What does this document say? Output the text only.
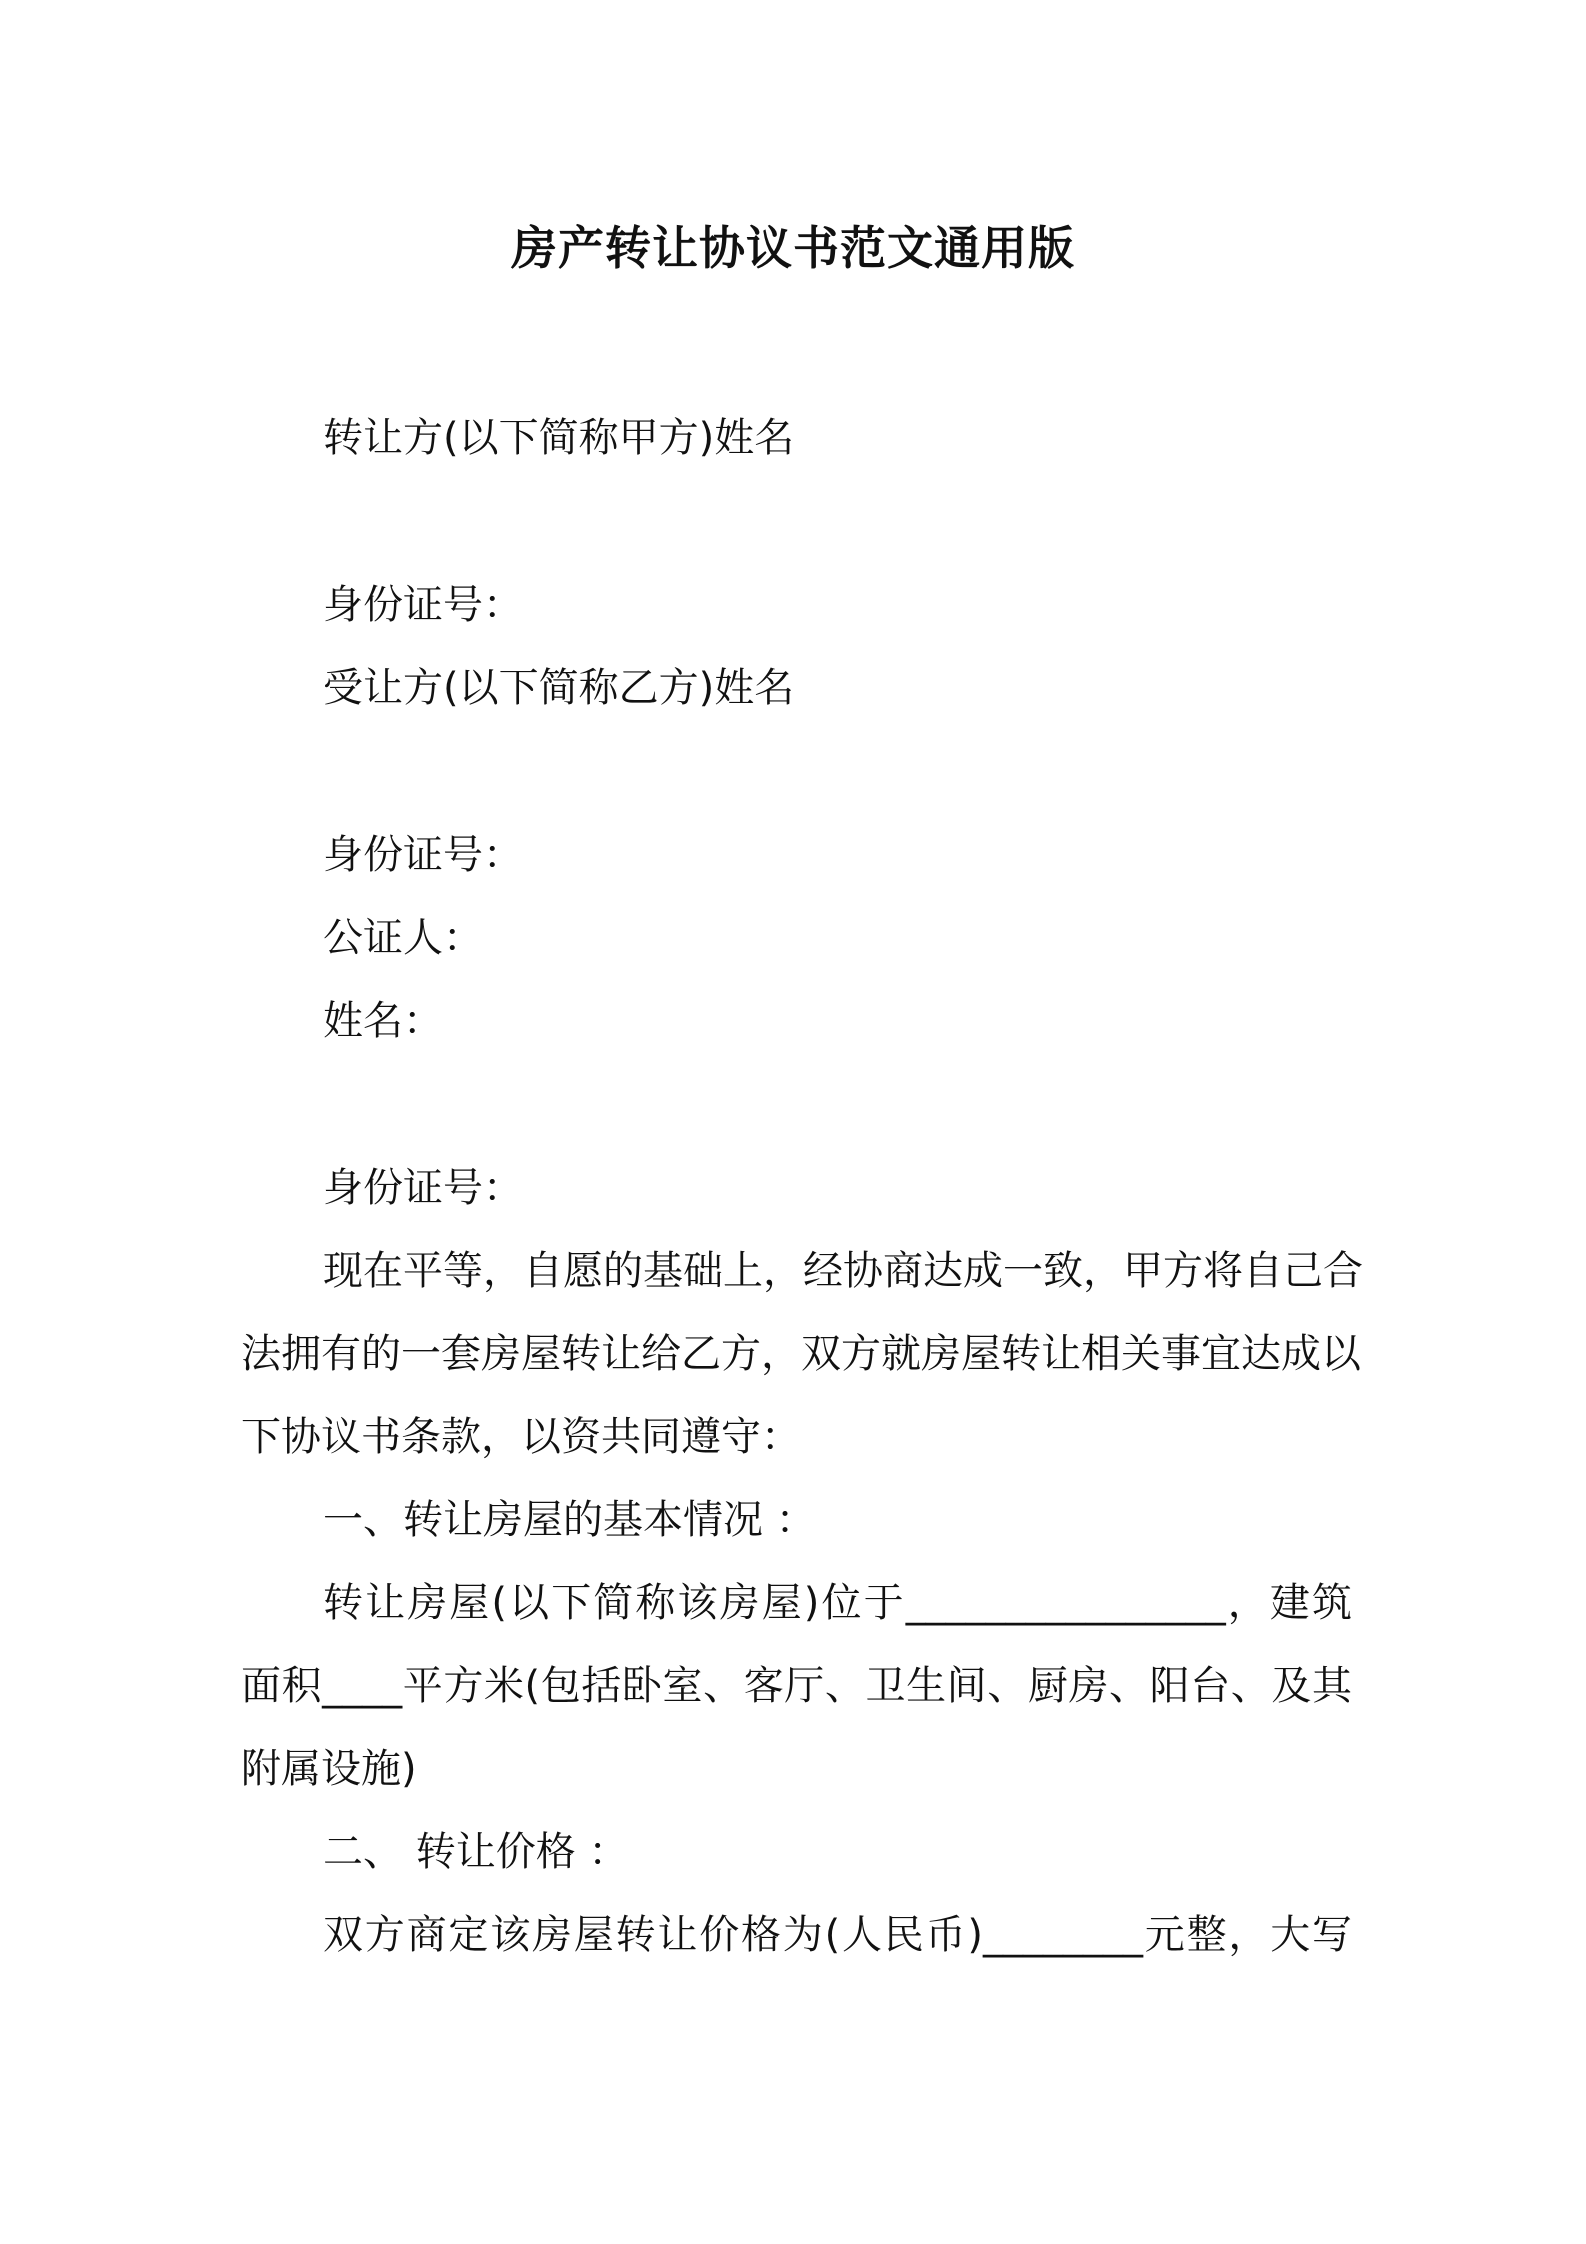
房产转让协议书范文通用版
转让方(以下简称甲方)姓名
身份证号：
受让方(以下简称乙方)姓名
身份证号：
公证人：
姓名：
身份证号：
现在平等，自愿的基础上，经协商达成一致，甲方将自己合
法拥有的一套房屋转让给乙方，双方就房屋转让相关事宜达成以
下协议书条款，以资共同遵守：
一、转让房屋的基本情况 ：
转让房屋(以下简称该房屋)位于________________，建筑
面积____平方米(包括卧室、客厅、卫生间、厨房、阳台、及其
附属设施)
二、 转让价格 ：
双方商定该房屋转让价格为(人民币)________元整，大写
